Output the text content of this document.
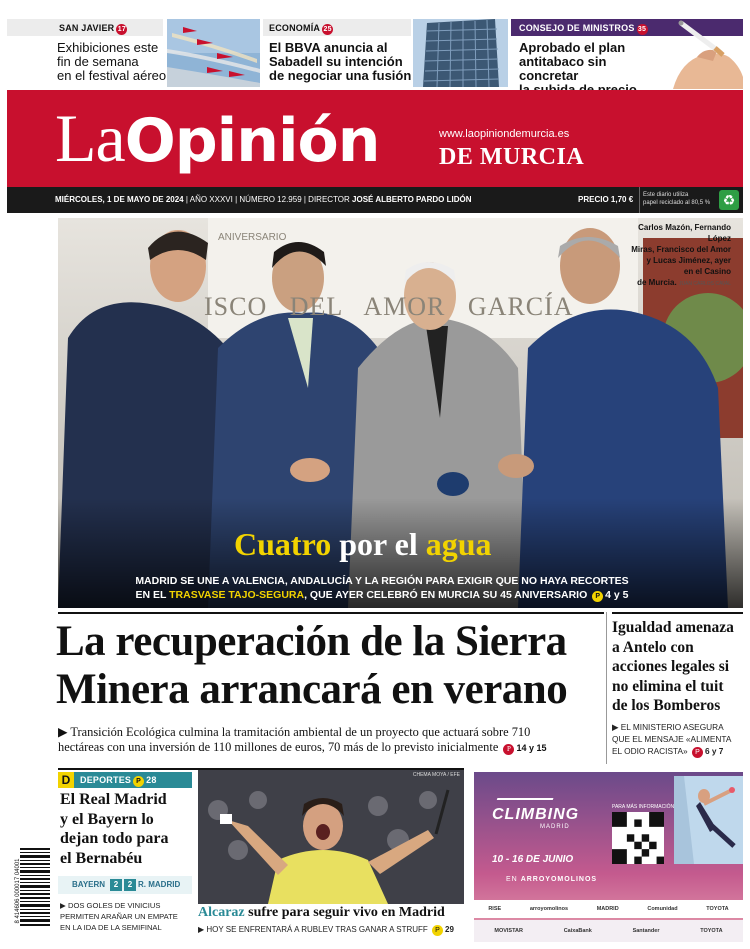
SAN JAVIER 17
Exhibiciones este
fin de semana
en el festival aéreo
ECONOMÍA 25
El BBVA anuncia al
Sabadell su intención
de negociar una fusión
CONSEJO DE MINISTROS 35
Aprobado el plan
antitabaco sin concretar
LaOpinión	www.laopiniondemurcia.es
DE MURCIA
MIÉRCOLES, 1 DE MAYO DE 2024 | AÑO XXXVI | NÚMERO 12.959 | DIRECTOR JOSÉ ALBERTO PARDO LIDÓN	PRECIO 1,70 € Este diario utiliza
papel reciclado al 80,5 % ♻
ANIVERSARIO
ISCO   DEL   AMOR   GARCÍA
Carlos Mazón, Fernando López
Miras, Francisco del Amor
y Lucas Jiménez, ayer
en el Casino
de Murcia. JUAN CARLOS CAVAL
Cuatro por el agua
MADRID SE UNE A VALENCIA, ANDALUCÍA Y LA REGIÓN PARA EXIGIR QUE NO HAYA RECORTES
EN EL TRASVASE TAJO-SEGURA, QUE AYER CELEBRÓ EN MURCIA SU 45 ANIVERSARIO P 4 y 5
La recuperación de la Sierra
Minera arrancará en verano
▶ Transición Ecológica culmina la tramitación ambiental de un proyecto que actuará sobre 710
hectáreas con una inversión de 110 millones de euros, 70 más de lo previsto inicialmente P 14 y 15
Igualdad amenaza
a Antelo con
acciones legales si
no elimina el tuit
de los Bomberos
▶ EL MINISTERIO ASEGURA
QUE EL MENSAJE «ALIMENTA
EL ODIO RACISTA» P 6 y 7
D	DEPORTES P 28
El Real Madrid
y el Bayern lo
dejan todo para
el Bernabéu
BAYERN	2	2 R. MADRID
▶ DOS GOLES DE VINICIUS
PERMITEN ARAÑAR UN EMPATE
EN LA IDA DE LA SEMIFINAL
CHEMA MOYA / EFE
Alcaraz sufre para seguir vivo en Madrid
▶ HOY SE ENFRENTARÁ A RUBLEV TRAS GANAR A STRUFF P 29
8 414606 000017 04001
CLIMBING
MADRID
PARA MÁS INFORMACIÓN
10 - 16 DE JUNIO
EN ARROYOMOLINOS
RISE	arroyomolinos	MADRID	Comunidad	TOYOTA
MOVISTAR	CaixaBank	Santander	TOYOTA
